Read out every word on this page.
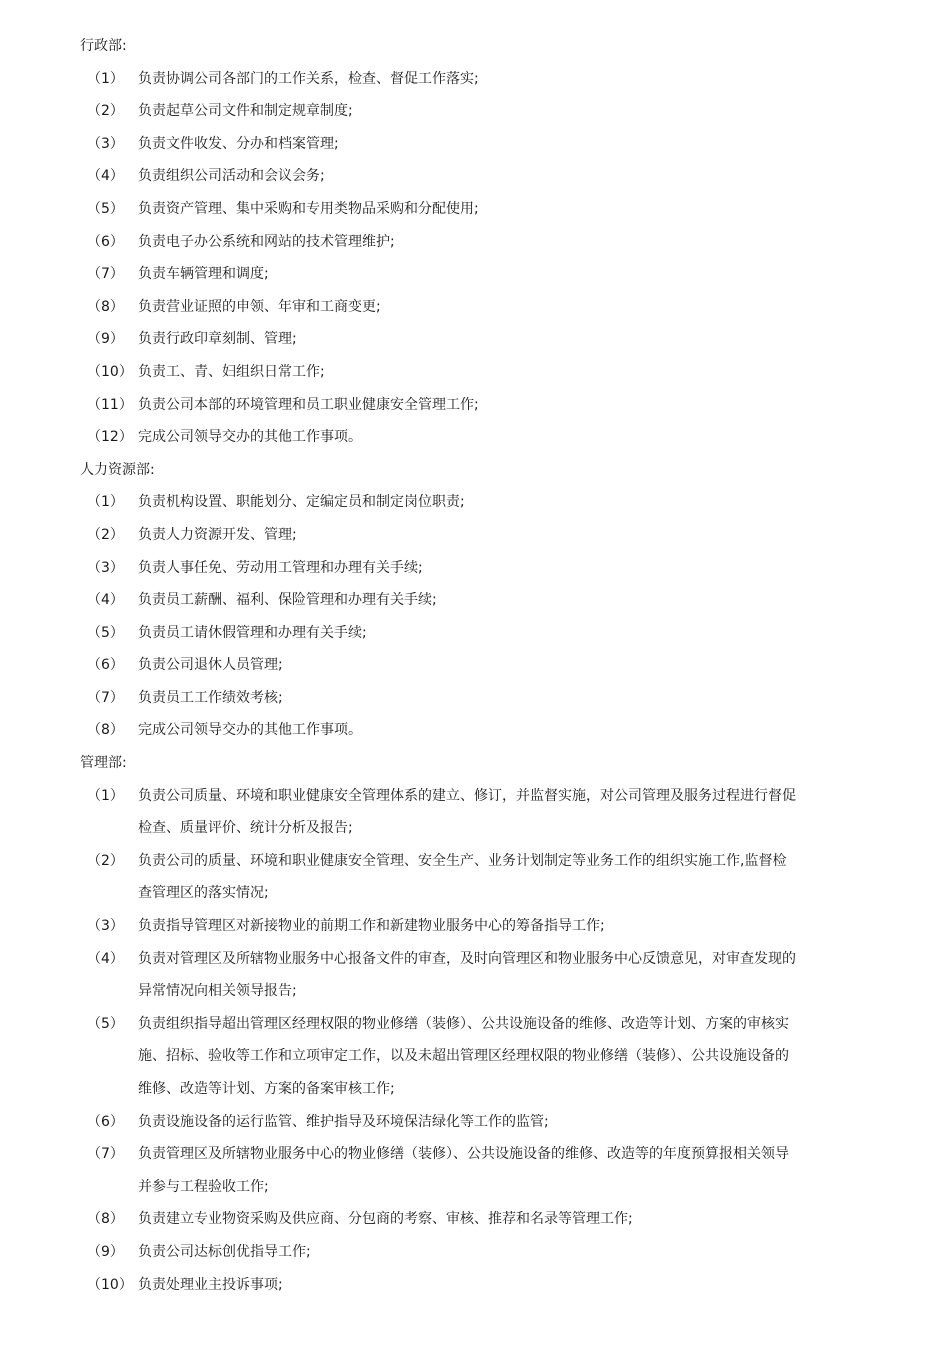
行政部:
（1）	负责协调公司各部门的工作关系，检查、督促工作落实;
（2）	负责起草公司文件和制定规章制度;
（3）	负责文件收发、分办和档案管理;
（4）	负责组织公司活动和会议会务;
（5）	负责资产管理、集中采购和专用类物品采购和分配使用;
（6）	负责电子办公系统和网站的技术管理维护;
（7）	负责车辆管理和调度;
（8）	负责营业证照的申领、年审和工商变更;
（9）	负责行政印章刻制、管理;
（10） 负责工、青、妇组织日常工作;
（11） 负责公司本部的环境管理和员工职业健康安全管理工作;
（12） 完成公司领导交办的其他工作事项。
人力资源部:
（1）	负责机构设置、职能划分、定编定员和制定岗位职责;
（2）	负责人力资源开发、管理;
（3）	负责人事任免、劳动用工管理和办理有关手续;
（4）	负责员工薪酬、福利、保险管理和办理有关手续;
（5）	负责员工请休假管理和办理有关手续;
（6）	负责公司退休人员管理;
（7）	负责员工工作绩效考核;
（8）	完成公司领导交办的其他工作事项。
管理部:
（1）	负责公司质量、环境和职业健康安全管理体系的建立、修订，并监督实施，对公司管理及服务过程进行督促检查、质量评价、统计分析及报告;
（2）	负责公司的质量、环境和职业健康安全管理、安全生产、业务计划制定等业务工作的组织实施工作,监督检查管理区的落实情况;
（3）	负责指导管理区对新接物业的前期工作和新建物业服务中心的筹备指导工作;
（4）	负责对管理区及所辖物业服务中心报备文件的审查，及时向管理区和物业服务中心反馈意见，对审查发现的异常情况向相关领导报告;
（5）	负责组织指导超出管理区经理权限的物业修缮（装修）、公共设施设备的维修、改造等计划、方案的审核实施、招标、验收等工作和立项审定工作，以及未超出管理区经理权限的物业修缮（装修）、公共设施设备的维修、改造等计划、方案的备案审核工作;
（6）	负责设施设备的运行监管、维护指导及环境保洁绿化等工作的监管;
（7）	负责管理区及所辖物业服务中心的物业修缮（装修）、公共设施设备的维修、改造等的年度预算报相关领导并参与工程验收工作;
（8）	负责建立专业物资采购及供应商、分包商的考察、审核、推荐和名录等管理工作;
（9）	负责公司达标创优指导工作;
（10） 负责处理业主投诉事项;
